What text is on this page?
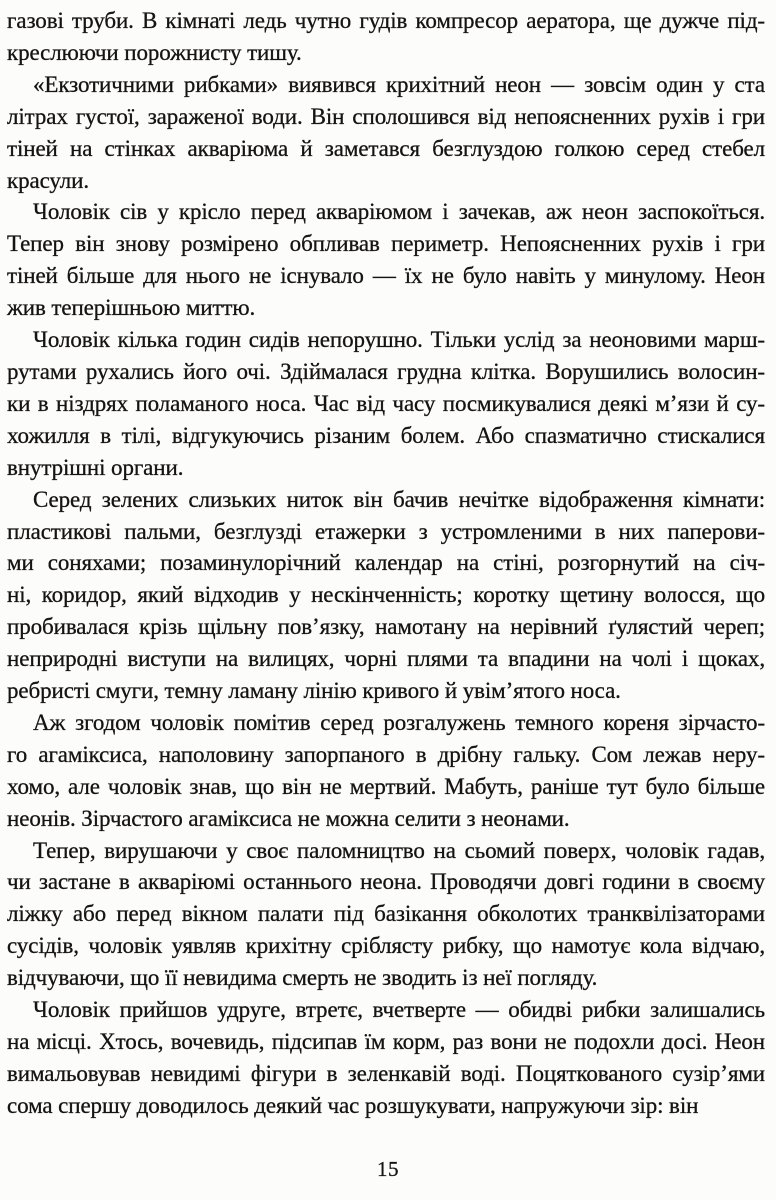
газові труби. В кімнаті ледь чутно гудів компресор аератора, ще дужче під-
креслюючи порожнисту тишу.
«Екзотичними рибками» виявився крихітний неон — зовсім один у ста
літрах густої, зараженої води. Він сполошився від непоясненних рухів і гри
тіней на стінках акваріюма й заметався безглуздою голкою серед стебел
красули.
Чоловік сів у крісло перед акваріюмом і зачекав, аж неон заспокоїться.
Тепер він знову розмірено обпливав периметр. Непоясненних рухів і гри
тіней більше для нього не існувало — їх не було навіть у минулому. Неон
жив теперішньою миттю.
Чоловік кілька годин сидів непорушно. Тільки услід за неоновими марш-
рутами рухались його очі. Здіймалася грудна клітка. Ворушились волосин-
ки в ніздрях поламаного носа. Час від часу посмикувалися деякі м’язи й су-
хожилля в тілі, відгукуючись різаним болем. Або спазматично стискалися
внутрішні органи.
Серед зелених слизьких ниток він бачив нечітке відображення кімнати:
пластикові пальми, безглузді етажерки з устромленими в них паперови-
ми соняхами; позаминулорічний календар на стіні, розгорнутий на січ-
ні, коридор, який відходив у нескінченність; коротку щетину волосся, що
пробивалася крізь щільну пов’язку, намотану на нерівний ґулястий череп;
неприродні виступи на вилицях, чорні плями та впадини на чолі і щоках,
ребристі смуги, темну ламану лінію кривого й увім’ятого носа.
Аж згодом чоловік помітив серед розгалужень темного кореня зірчасто-
го агаміксиса, наполовину запорпаного в дрібну гальку. Сом лежав неру-
хомо, але чоловік знав, що він не мертвий. Мабуть, раніше тут було більше
неонів. Зірчастого агаміксиса не можна селити з неонами.
Тепер, вирушаючи у своє паломництво на сьомий поверх, чоловік гадав,
чи застане в акваріюмі останнього неона. Проводячи довгі години в своєму
ліжку або перед вікном палати під базікання обколотих транквілізаторами
сусідів, чоловік уявляв крихітну сріблясту рибку, що намотує кола відчаю,
відчуваючи, що її невидима смерть не зводить із неї погляду.
Чоловік прийшов удруге, втретє, вчетверте — обидві рибки залишались
на місці. Хтось, вочевидь, підсипав їм корм, раз вони не подохли досі. Неон
вимальовував невидимі фігури в зеленкавій воді. Поцяткованого сузір’ями
сома спершу доводилось деякий час розшукувати, напружуючи зір: він
15
